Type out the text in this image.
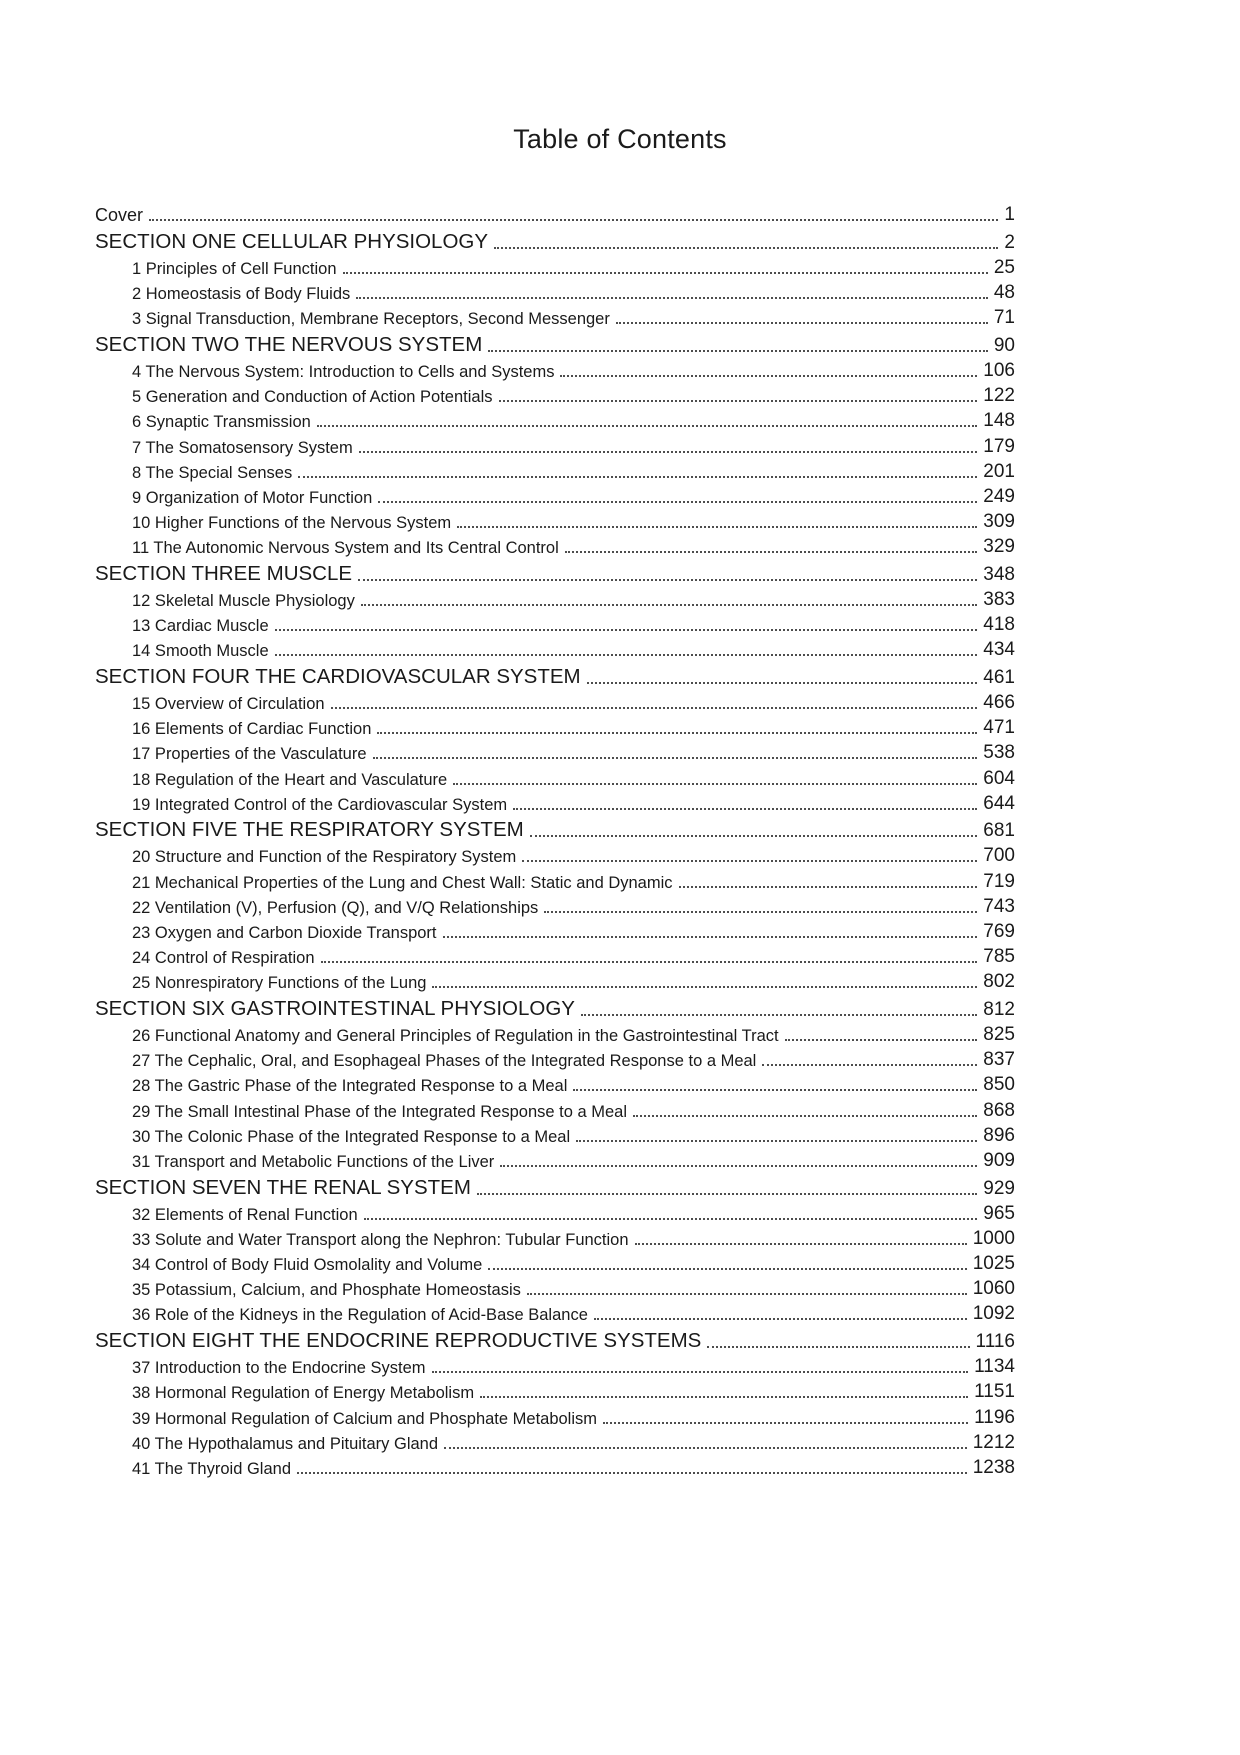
Table of Contents
Cover	1
SECTION ONE CELLULAR PHYSIOLOGY	2
1 Principles of Cell Function	25
2 Homeostasis of Body Fluids	48
3 Signal Transduction, Membrane Receptors, Second Messenger	71
SECTION TWO THE NERVOUS SYSTEM	90
4 The Nervous System: Introduction to Cells and Systems	106
5 Generation and Conduction of Action Potentials	122
6 Synaptic Transmission	148
7 The Somatosensory System	179
8 The Special Senses	201
9 Organization of Motor Function	249
10 Higher Functions of the Nervous System	309
11 The Autonomic Nervous System and Its Central Control	329
SECTION THREE MUSCLE	348
12 Skeletal Muscle Physiology	383
13 Cardiac Muscle	418
14 Smooth Muscle	434
SECTION FOUR THE CARDIOVASCULAR SYSTEM	461
15 Overview of Circulation	466
16 Elements of Cardiac Function	471
17 Properties of the Vasculature	538
18 Regulation of the Heart and Vasculature	604
19 Integrated Control of the Cardiovascular System	644
SECTION FIVE THE RESPIRATORY SYSTEM	681
20 Structure and Function of the Respiratory System	700
21 Mechanical Properties of the Lung and Chest Wall: Static and Dynamic	719
22 Ventilation (V), Perfusion (Q), and V/Q Relationships	743
23 Oxygen and Carbon Dioxide Transport	769
24 Control of Respiration	785
25 Nonrespiratory Functions of the Lung	802
SECTION SIX GASTROINTESTINAL PHYSIOLOGY	812
26 Functional Anatomy and General Principles of Regulation in the Gastrointestinal Tract	825
27 The Cephalic, Oral, and Esophageal Phases of the Integrated Response to a Meal	837
28 The Gastric Phase of the Integrated Response to a Meal	850
29 The Small Intestinal Phase of the Integrated Response to a Meal	868
30 The Colonic Phase of the Integrated Response to a Meal	896
31 Transport and Metabolic Functions of the Liver	909
SECTION SEVEN THE RENAL SYSTEM	929
32 Elements of Renal Function	965
33 Solute and Water Transport along the Nephron: Tubular Function	1000
34 Control of Body Fluid Osmolality and Volume	1025
35 Potassium, Calcium, and Phosphate Homeostasis	1060
36 Role of the Kidneys in the Regulation of Acid-Base Balance	1092
SECTION EIGHT THE ENDOCRINE REPRODUCTIVE SYSTEMS	1116
37 Introduction to the Endocrine System	1134
38 Hormonal Regulation of Energy Metabolism	1151
39 Hormonal Regulation of Calcium and Phosphate Metabolism	1196
40 The Hypothalamus and Pituitary Gland	1212
41 The Thyroid Gland	1238
